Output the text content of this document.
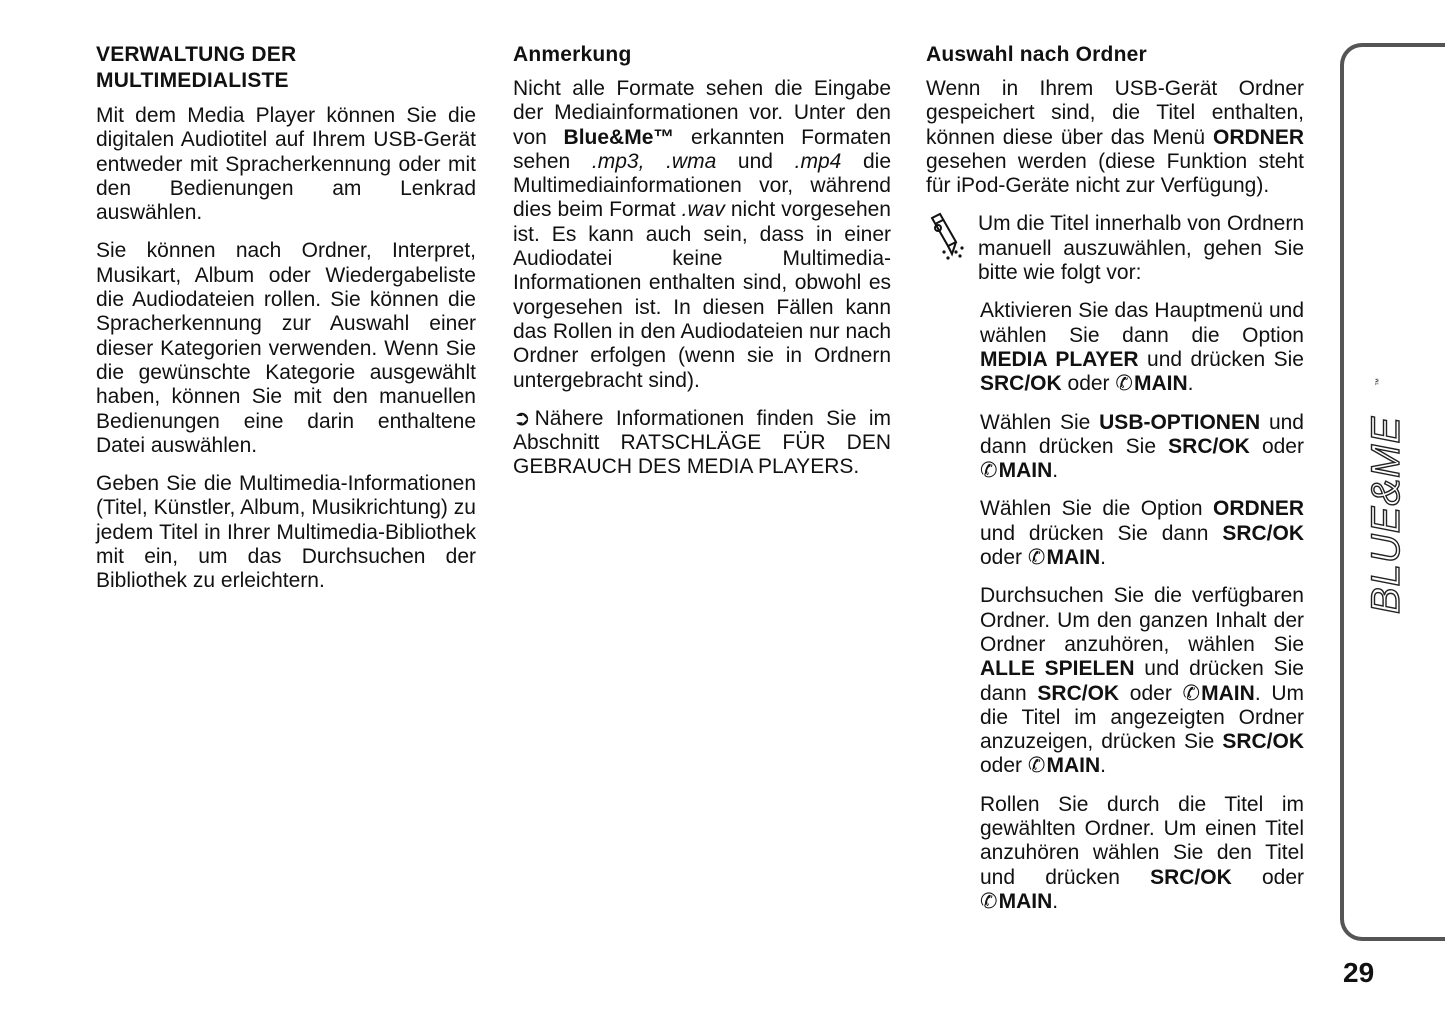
VERWALTUNG DER
MULTIMEDIALISTE

Mit dem Media Player können Sie die digitalen Audiotitel auf Ihrem USB-Gerät entweder mit Spracherkennung oder mit den Bedienungen am Lenkrad auswählen.

Sie können nach Ordner, Interpret, Musikart, Album oder Wiedergabeliste die Audiodateien rollen. Sie können die Spracherkennung zur Auswahl einer dieser Kategorien verwenden. Wenn Sie die gewünschte Kategorie ausgewählt haben, können Sie mit den manuellen Bedienungen eine darin enthaltene Datei auswählen.

Geben Sie die Multimedia-Informationen (Titel, Künstler, Album, Musikrichtung) zu jedem Titel in Ihrer Multimedia-Bibliothek mit ein, um das Durchsuchen der Bibliothek zu erleichtern.

Anmerkung

Nicht alle Formate sehen die Eingabe der Mediainformationen vor. Unter den von Blue&Me™ erkannten Formaten sehen .mp3, .wma und .mp4 die Multimediainformationen vor, während dies beim Format .wav nicht vorgesehen ist. Es kann auch sein, dass in einer Audiodatei keine Multimedia-Informationen enthalten sind, obwohl es vorgesehen ist. In diesen Fällen kann das Rollen in den Audiodateien nur nach Ordner erfolgen (wenn sie in Ordnern untergebracht sind).

➲ Nähere Informationen finden Sie im Abschnitt RATSCHLÄGE FÜR DEN GEBRAUCH DES MEDIA PLAYERS.

Auswahl nach Ordner

Wenn in Ihrem USB-Gerät Ordner gespeichert sind, die Titel enthalten, können diese über das Menü ORDNER gesehen werden (diese Funktion steht für iPod-Geräte nicht zur Verfügung).

Um die Titel innerhalb von Ordnern manuell auszuwählen, gehen Sie bitte wie folgt vor:

Aktivieren Sie das Hauptmenü und wählen Sie dann die Option MEDIA PLAYER und drücken Sie SRC/OK oder ✆MAIN.

Wählen Sie USB-OPTIONEN und dann drücken Sie SRC/OK oder ✆MAIN.

Wählen Sie die Option ORDNER und drücken Sie dann SRC/OK oder ✆MAIN.

Durchsuchen Sie die verfügbaren Ordner. Um den ganzen Inhalt der Ordner anzuhören, wählen Sie ALLE SPIELEN und drücken Sie dann SRC/OK oder ✆MAIN. Um die Titel im angezeigten Ordner anzuzeigen, drücken Sie SRC/OK oder ✆MAIN.

Rollen Sie durch die Titel im gewählten Ordner. Um einen Titel anzuhören wählen Sie den Titel und drücken SRC/OK oder ✆MAIN.

BLUE&ME
™
29
